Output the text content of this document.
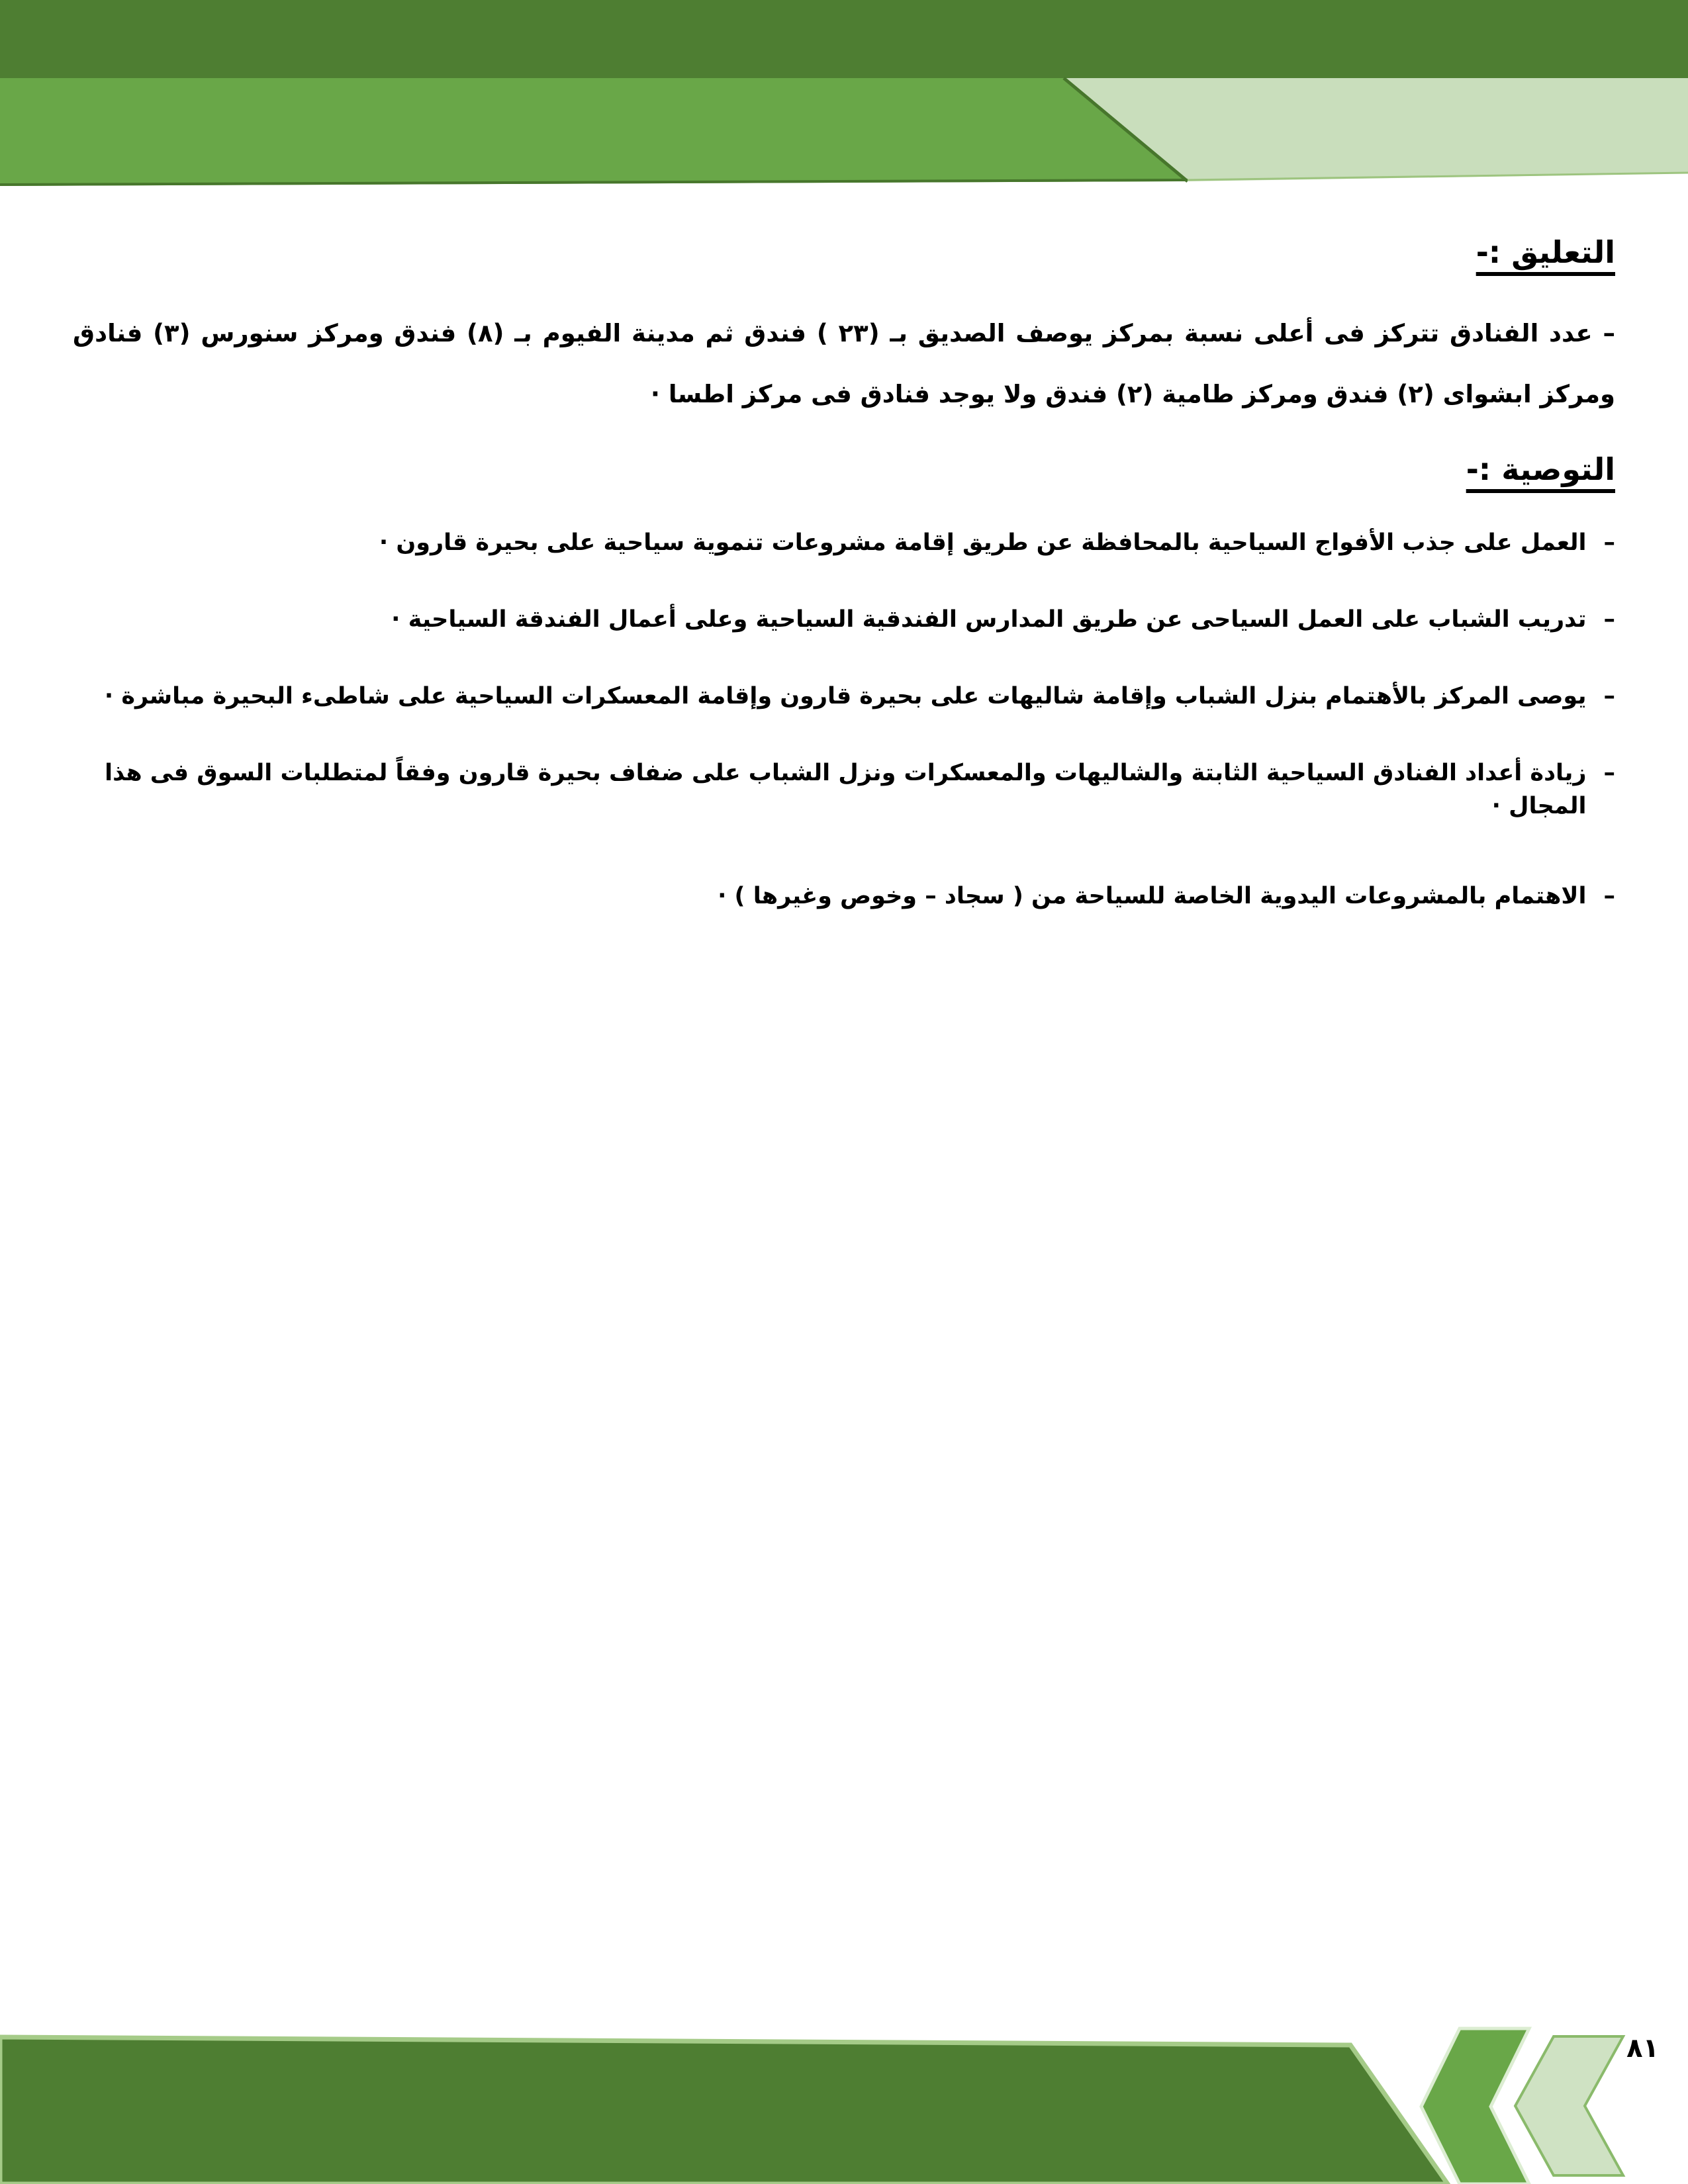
التعليق :-

– عدد الفنادق تتركز فى أعلى نسبة بمركز يوصف الصديق بـ (٢٣ ) فندق ثم مدينة الفيوم بـ (٨) فندق ومركز سنورس (٣) فنادق ومركز ابشواى (٢) فندق ومركز طامية (٢) فندق ولا يوجد فنادق فى مركز اطسا ·

التوصية :-
–
العمل على جذب الأفواج السياحية بالمحافظة عن طريق إقامة مشروعات تنموية سياحية على بحيرة قارون ·
–
تدريب الشباب على العمل السياحى عن طريق المدارس الفندقية السياحية وعلى أعمال الفندقة السياحية ·
–
يوصى المركز بالأهتمام بنزل الشباب وإقامة شاليهات على بحيرة قارون وإقامة المعسكرات السياحية على شاطىء البحيرة مباشرة ·
–
زيادة أعداد الفنادق السياحية الثابتة والشاليهات والمعسكرات ونزل الشباب على ضفاف بحيرة قارون وفقاً لمتطلبات السوق فى هذا المجال ·
–
الاهتمام بالمشروعات اليدوية الخاصة للسياحة من ( سجاد – وخوص وغيرها ) ·
٨١
